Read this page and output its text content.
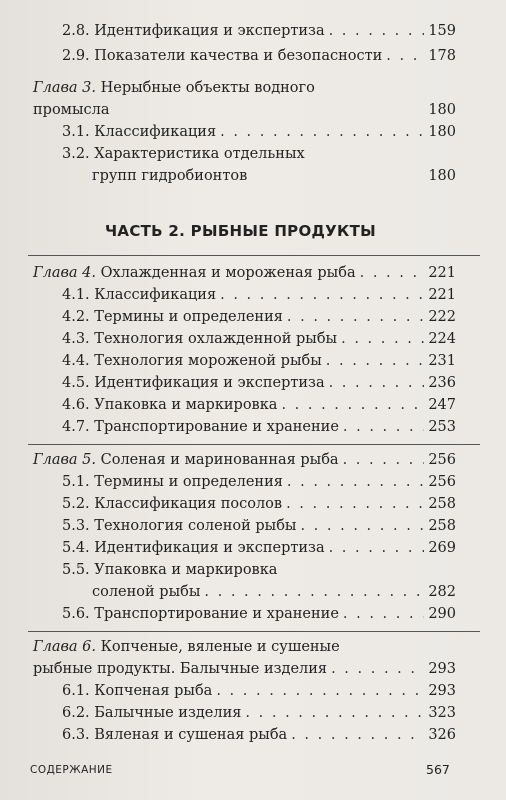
2.8. Идентификация и экспертиза . . .	159
2.9. Показатели качества и безопасности . . .	178
Глава 3. Нерыбные объекты водного
промысла	180
3.1. Классификация . . .	180
3.2. Характеристика отдельных
групп гидробионтов	180
ЧАСТЬ 2. РЫБНЫЕ ПРОДУКТЫ
Глава 4. Охлажденная и мороженая рыба . . .	221
4.1. Классификация . . .	221
4.2. Термины и определения . . .	222
4.3. Технология охлажденной рыбы . . .	224
4.4. Технология мороженой рыбы . . .	231
4.5. Идентификация и экспертиза . . .	236
4.6. Упаковка и маркировка . . .	247
4.7. Транспортирование и хранение . . .	253
Глава 5. Соленая и маринованная рыба . . .	256
5.1. Термины и определения . . .	256
5.2. Классификация посолов . . .	258
5.3. Технология соленой рыбы . . .	258
5.4. Идентификация и экспертиза . . .	269
5.5. Упаковка и маркировка
соленой рыбы . . .	282
5.6. Транспортирование и хранение . . .	290
Глава 6. Копченые, вяленые и сушеные
рыбные продукты. Балычные изделия . . .	293
6.1. Копченая рыба . . .	293
6.2. Балычные изделия . . .	323
6.3. Вяленая и сушеная рыба . . .	326
СОДЕРЖАНИЕ	567
